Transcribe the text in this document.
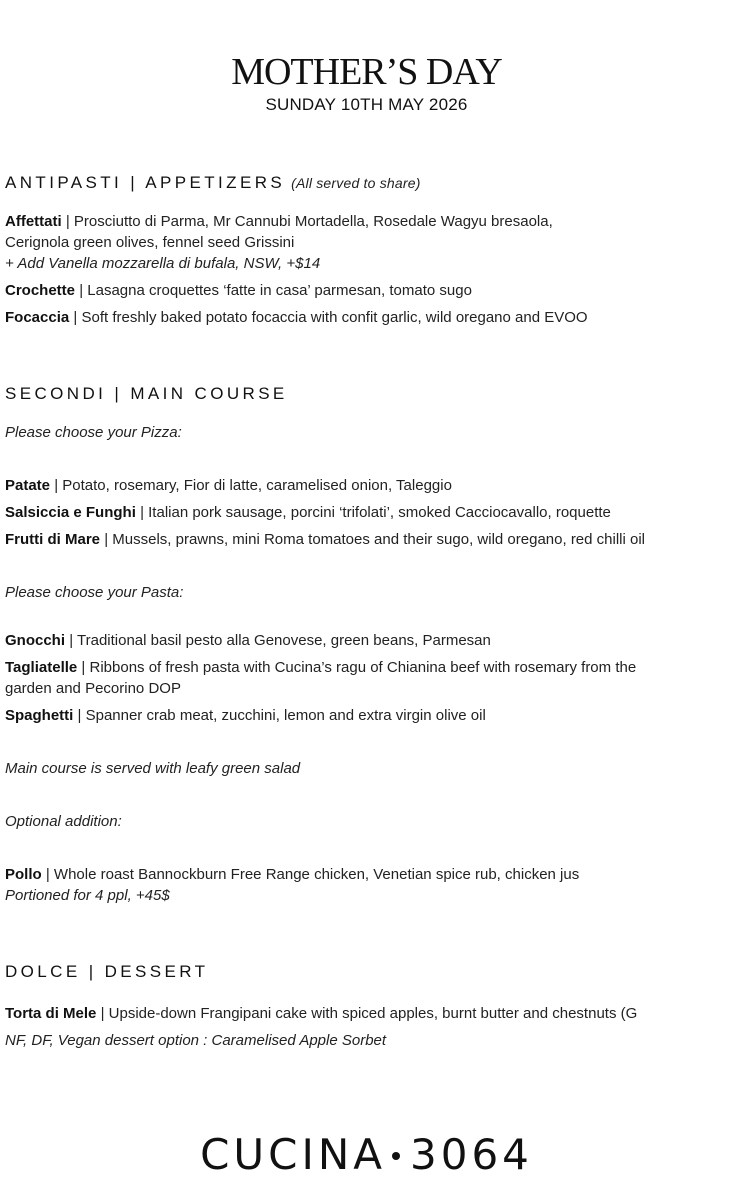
MOTHER’S DAY
SUNDAY 10TH MAY 2026
ANTIPASTI | APPETIZERS (All served to share)

Affettati | Prosciutto di Parma, Mr Cannubi Mortadella, Rosedale Wagyu bresaola,

Cerignola green olives, fennel seed Grissini

+ Add Vanella mozzarella di bufala, NSW, +$14

Crochette | Lasagna croquettes ‘fatte in casa’ parmesan, tomato sugo

Focaccia | Soft freshly baked potato focaccia with confit garlic, wild oregano and EVOO

SECONDI | MAIN COURSE

Please choose your Pizza:

Patate | Potato, rosemary, Fior di latte, caramelised onion, Taleggio

Salsiccia e Funghi | Italian pork sausage, porcini ‘trifolati’, smoked Cacciocavallo, roquette

Frutti di Mare | Mussels, prawns, mini Roma tomatoes and their sugo, wild oregano, red chilli oil

Please choose your Pasta:

Gnocchi | Traditional basil pesto alla Genovese, green beans, Parmesan

Tagliatelle | Ribbons of fresh pasta with Cucina’s ragu of Chianina beef with rosemary from the

garden and Pecorino DOP

Spaghetti | Spanner crab meat, zucchini, lemon and extra virgin olive oil

Main course is served with leafy green salad

Optional addition:

Pollo | Whole roast Bannockburn Free Range chicken, Venetian spice rub, chicken jus

Portioned for 4 ppl, +45$

DOLCE | DESSERT

Torta di Mele | Upside-down Frangipani cake with spiced apples, burnt butter and chestnuts (G

NF, DF, Vegan dessert option : Caramelised Apple Sorbet

CUCINA 3064
